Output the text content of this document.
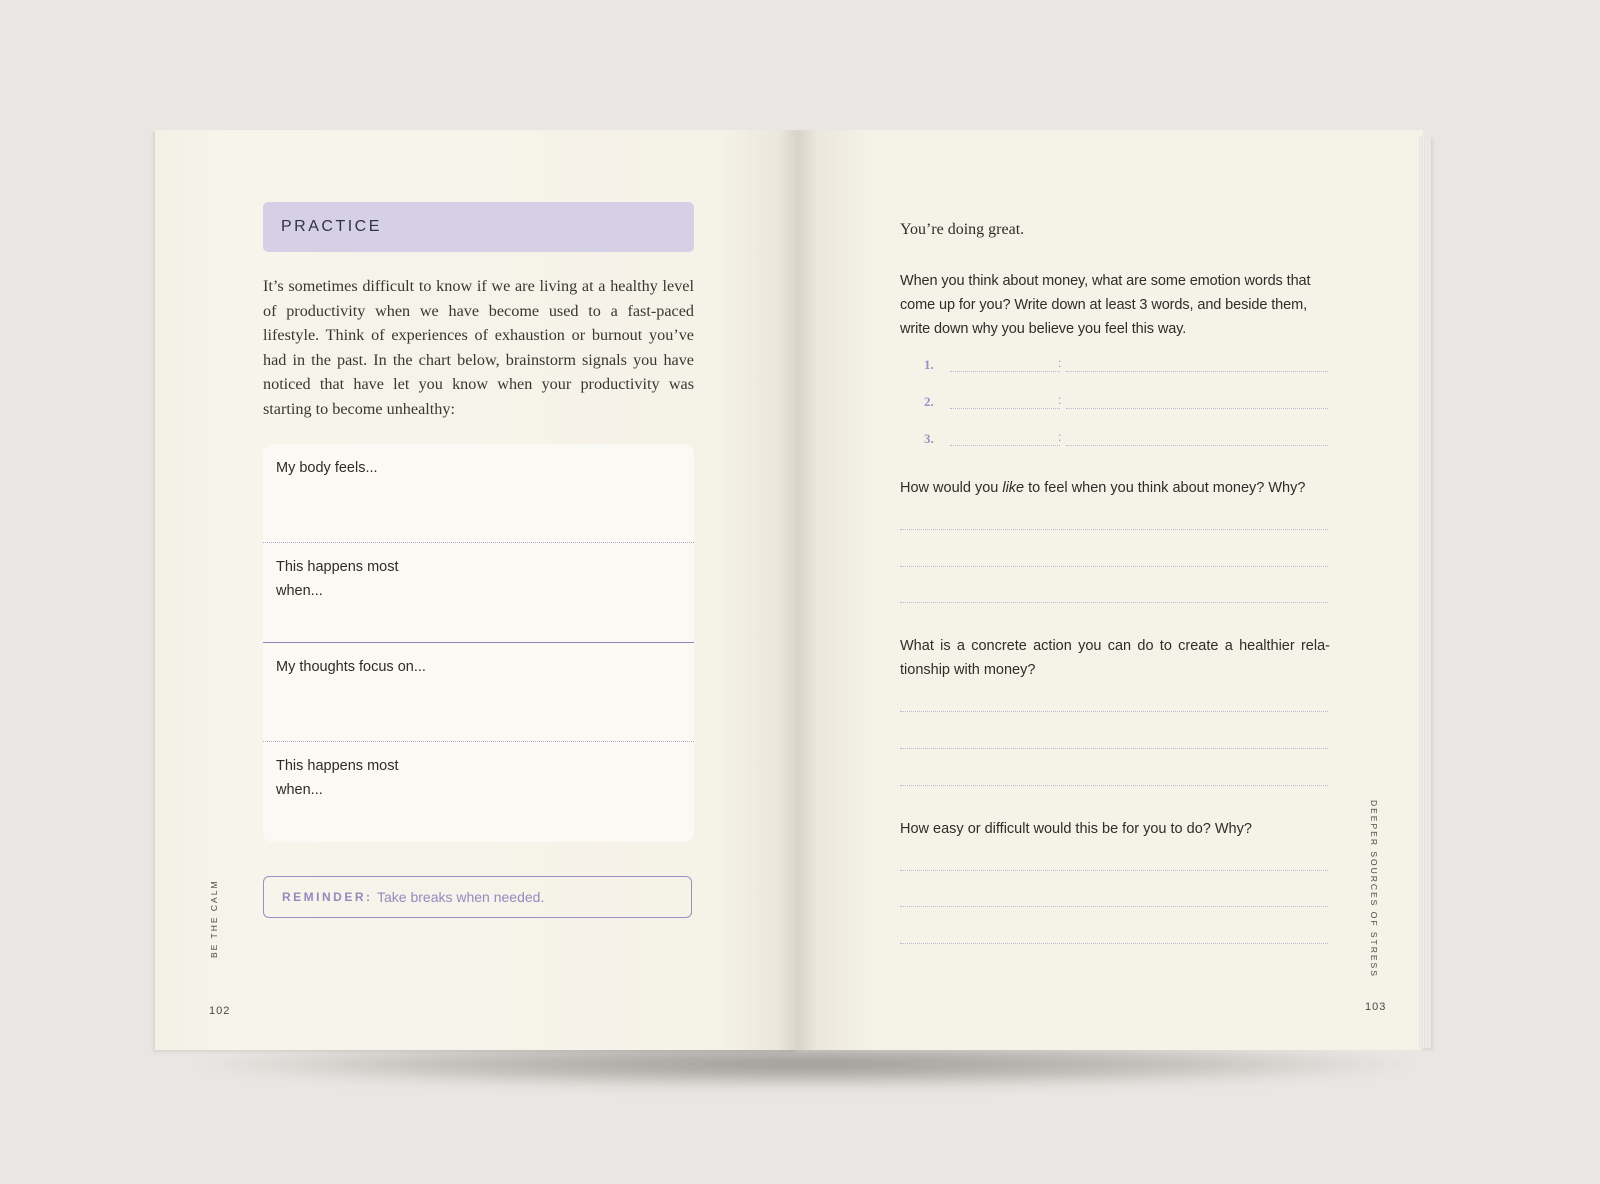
PRACTICE
It’s sometimes difficult to know if we are living at a healthy level of productivity when we have become used to a fast-paced lifestyle. Think of experiences of exhaustion or burnout you’ve had in the past. In the chart below, brainstorm signals you have noticed that have let you know when your productivity was starting to become unhealthy:
My body feels...
This happens most when...
My thoughts focus on...
This happens most when...
REMINDER: Take breaks when needed.
BE THE CALM
102
You’re doing great.
When you think about money, what are some emotion words that come up for you? Write down at least 3 words, and beside them, write down why you believe you feel this way.
1.	:
2.	:
3.	:
How would you like to feel when you think about money? Why?
What is a concrete action you can do to create a healthier relationship with money?
How easy or difficult would this be for you to do? Why?	DEEPER SOURCES OF STRESS
103
